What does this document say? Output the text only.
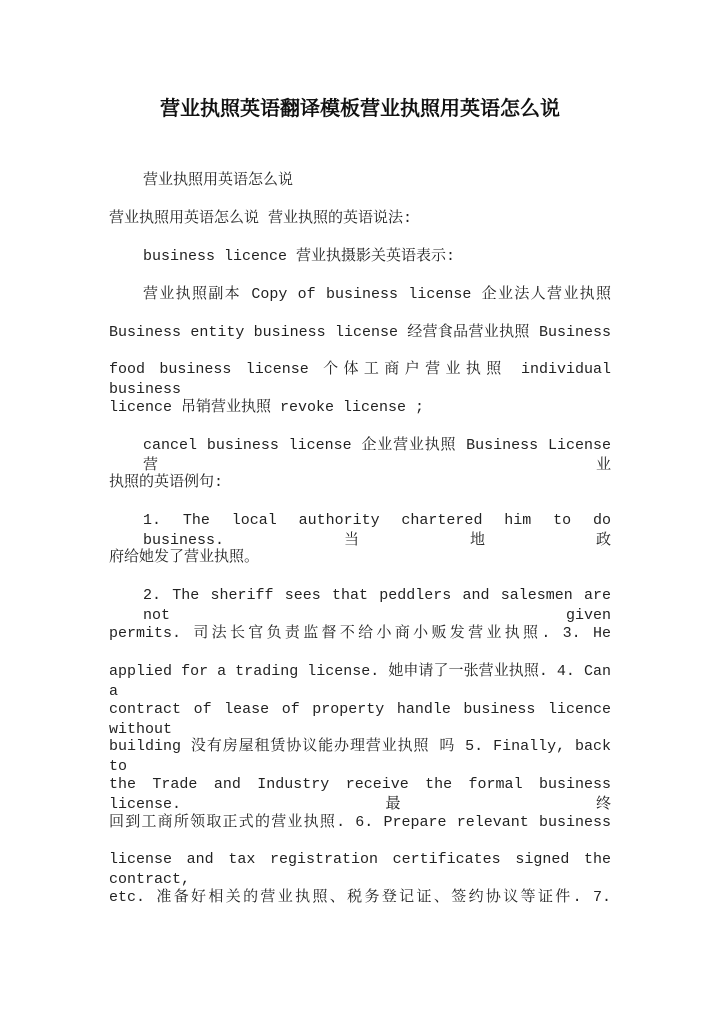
营业执照英语翻译模板营业执照用英语怎么说
营业执照用英语怎么说
营业执照用英语怎么说 营业执照的英语说法:
business licence 营业执摄影关英语表示:
营业执照副本 Copy of business license 企业法人营业执照
Business entity business license 经营食品营业执照 Business
food business license 个体工商户营业执照 individual business
licence 吊销营业执照 revoke license ;
cancel business license 企业营业执照 Business License 营业
执照的英语例句:
1. The local authority chartered him to do business. 当地政
府给她发了营业执照。
2. The sheriff sees that peddlers and salesmen are not given
permits. 司法长官负责监督不给小商小贩发营业执照. 3. He
applied for a trading license. 她申请了一张营业执照. 4. Can a
contract of lease of property handle business licence without
building 没有房屋租赁协议能办理营业执照 吗 5. Finally, back to
the Trade and Industry receive the formal business license. 最终
回到工商所领取正式的营业执照. 6. Prepare relevant business
license and tax registration certificates signed the contract,
etc. 准备好相关的营业执照、税务登记证、签约协议等证件. 7.
